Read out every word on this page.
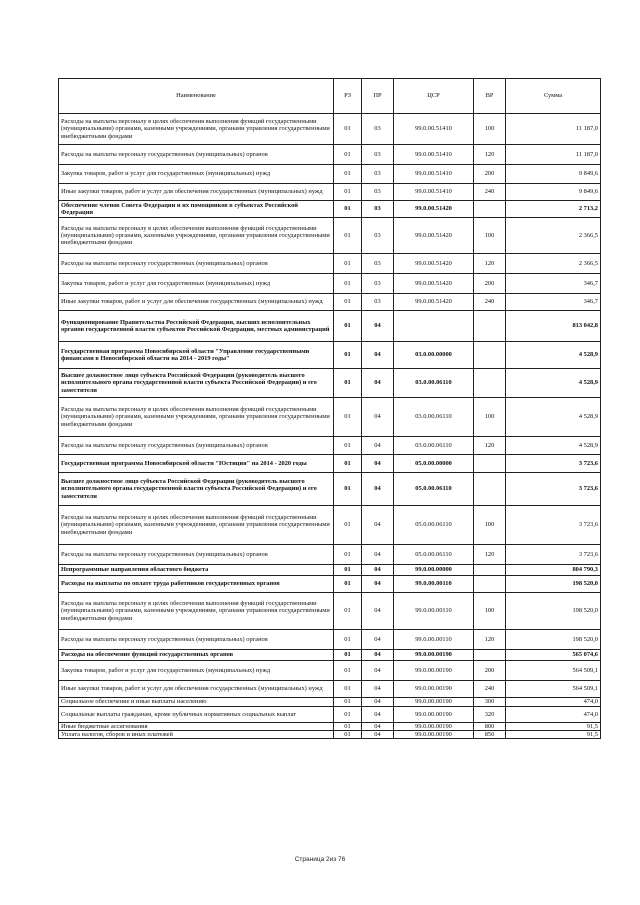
Наименование	РЗ	ПР	ЦСР	ВР	Сумма
Расходы на выплаты персоналу в целях обеспечения выполнения функций государственными (муниципальными) органами, казенными учреждениями, органами управления государственными внебюджетными фондами	01	03	99.0.00.51410	100	11 187,0
Расходы на выплаты персоналу государственных (муниципальных) органов	01	03	99.0.00.51410	120	11 187,0
Закупка товаров, работ и услуг для государственных (муниципальных) нужд	01	03	99.0.00.51410	200	9 849,6
Иные закупки товаров, работ и услуг для обеспечения государственных (муниципальных) нужд	01	03	99.0.00.51410	240	9 849,6
Обеспечение членов Совета Федерации и их помощников в субъектах Российской Федерации	01	03	99.0.00.51420		2 713,2
Расходы на выплаты персоналу в целях обеспечения выполнения функций государственными (муниципальными) органами, казенными учреждениями, органами управления государственными внебюджетными фондами	01	03	99.0.00.51420	100	2 366,5
Расходы на выплаты персоналу государственных (муниципальных) органов	01	03	99.0.00.51420	120	2 366,5
Закупка товаров, работ и услуг для государственных (муниципальных) нужд	01	03	99.0.00.51420	200	346,7
Иные закупки товаров, работ и услуг для обеспечения государственных (муниципальных) нужд	01	03	99.0.00.51420	240	346,7
Функционирование Правительства Российской Федерации, высших исполнительных органов государственной власти субъектов Российской Федерации, местных администраций	01	04			813 042,8
Государственная программа Новосибирской области "Управление государственными финансами в Новосибирской области на 2014 - 2019 годы"	01	04	03.0.00.00000		4 528,9
Высшее должностное лицо субъекта Российской Федерации (руководитель высшего исполнительного органа государственной власти субъекта Российской Федерации) и его заместители	01	04	03.0.00.06110		4 528,9
Расходы на выплаты персоналу в целях обеспечения выполнения функций государственными (муниципальными) органами, казенными учреждениями, органами управления государственными внебюджетными фондами	01	04	03.0.00.06110	100	4 528,9
Расходы на выплаты персоналу государственных (муниципальных) органов	01	04	03.0.00.06110	120	4 528,9
Государственная программа Новосибирской области "Юстиция" на 2014 - 2020 годы	01	04	05.0.00.00000		3 723,6
Высшее должностное лицо субъекта Российской Федерации (руководитель высшего исполнительного органа государственной власти субъекта Российской Федерации) и его заместители	01	04	05.0.00.06110		3 723,6
Расходы на выплаты персоналу в целях обеспечения выполнения функций государственными (муниципальными) органами, казенными учреждениями, органами управления государственными внебюджетными фондами	01	04	05.0.00.06110	100	3 723,6
Расходы на выплаты персоналу государственных (муниципальных) органов	01	04	05.0.00.06110	120	3 723,6
Непрограммные направления областного бюджета	01	04	99.0.00.00000		804 790,3
Расходы на выплаты по оплате труда работников государственных органов	01	04	99.0.00.00110		198 520,0
Расходы на выплаты персоналу в целях обеспечения выполнения функций государственными (муниципальными) органами, казенными учреждениями, органами управления государственными внебюджетными фондами	01	04	99.0.00.00110	100	198 520,0
Расходы на выплаты персоналу государственных (муниципальных) органов	01	04	99.0.00.00110	120	198 520,0
Расходы на обеспечение функций государственных органов	01	04	99.0.00.00190		565 074,6
Закупка товаров, работ и услуг для государственных (муниципальных) нужд	01	04	99.0.00.00190	200	564 509,1
Иные закупки товаров, работ и услуг для обеспечения государственных (муниципальных) нужд	01	04	99.0.00.00190	240	564 509,1
Социальное обеспечение и иные выплаты населению	01	04	99.0.00.00190	300	474,0
Социальные выплаты гражданам, кроме публичных нормативных социальных выплат	01	04	99.0.00.00190	320	474,0
Иные бюджетные ассигнования	01	04	99.0.00.00190	800	91,5
Уплата налогов, сборов и иных платежей	01	04	99.0.00.00190	850	91,5
Страница 2из 76
